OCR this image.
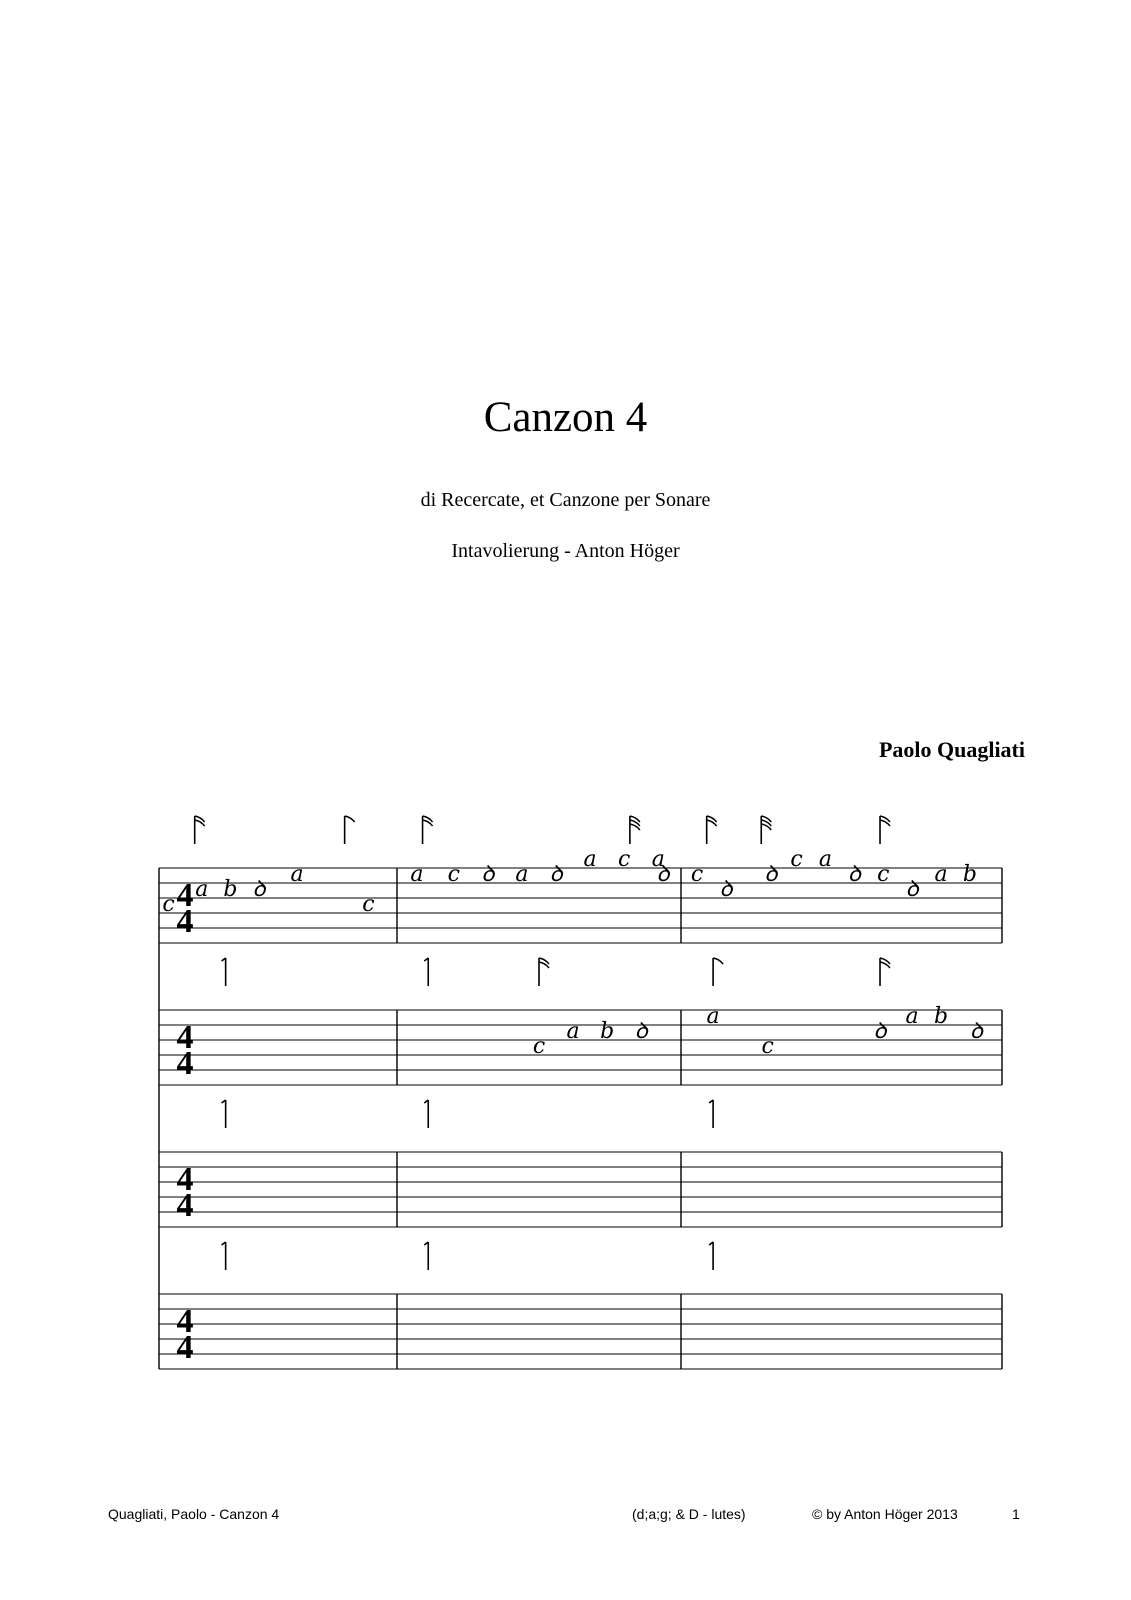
Canzon 4
di Recercate, et Canzone per Sonare
Intavolierung - Anton Höger
Paolo Quagliati
4
4
c
a b ꝺ
a
c
a c ꝺ a ꝺ
a c a
ꝺ c
ꝺ
ꝺ
c a
ꝺ c
ꝺ
a b
4
4	c
a b ꝺ
a
c
ꝺ
a b
ꝺ
4
4
4
4
Quagliati, Paolo - Canzon 4	(d;a;g; & D - lutes)	© by Anton Höger 2013	1
